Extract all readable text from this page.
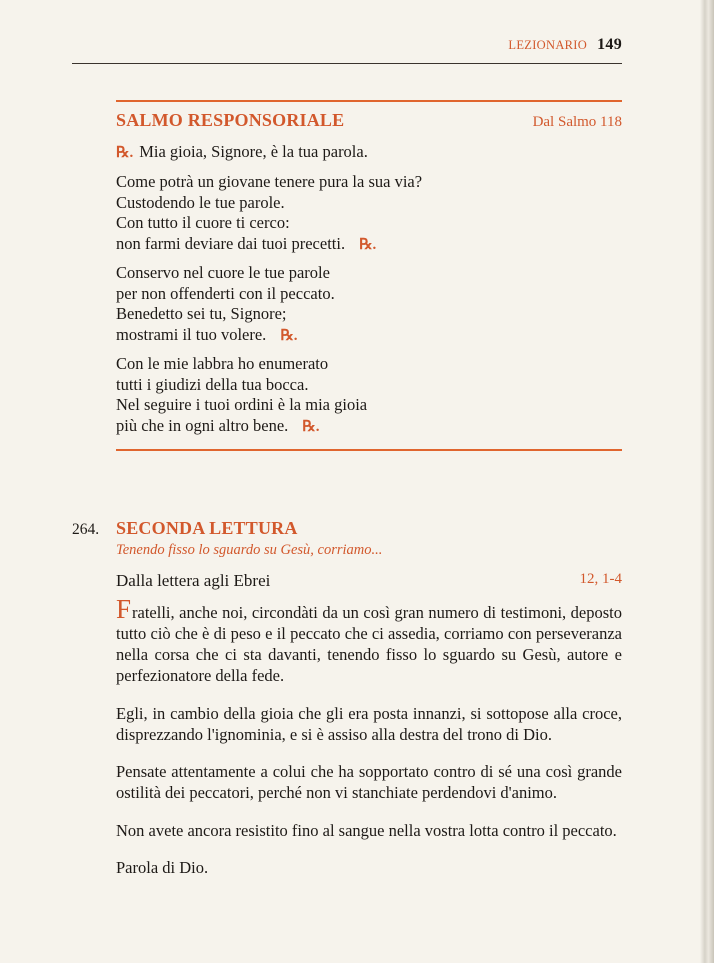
LEZIONARIO 149
SALMO RESPONSORIALE	Dal Salmo 118
℞. Mia gioia, Signore, è la tua parola.
Come potrà un giovane tenere pura la sua via?
Custodendo le tue parole.
Con tutto il cuore ti cerco:
non farmi deviare dai tuoi precetti. ℞.
Conservo nel cuore le tue parole
per non offenderti con il peccato.
Benedetto sei tu, Signore;
mostrami il tuo volere. ℞.
Con le mie labbra ho enumerato
tutti i giudizi della tua bocca.
Nel seguire i tuoi ordini è la mia gioia
più che in ogni altro bene. ℞.
264. SECONDA LETTURA
Tenendo fisso lo sguardo su Gesù, corriamo...
Dalla lettera agli Ebrei	12, 1-4

Fratelli, anche noi, circondàti da un così gran numero di testimoni, deposto tutto ciò che è di peso e il peccato che ci assedia, corriamo con perseveranza nella corsa che ci sta davanti, tenendo fisso lo sguardo su Gesù, autore e perfezionatore della fede.

Egli, in cambio della gioia che gli era posta innanzi, si sottopose alla croce, disprezzando l'ignominia, e si è assiso alla destra del trono di Dio.

Pensate attentamente a colui che ha sopportato contro di sé una così grande ostilità dei peccatori, perché non vi stanchiate perdendovi d'animo.

Non avete ancora resistito fino al sangue nella vostra lotta contro il peccato.

Parola di Dio.
